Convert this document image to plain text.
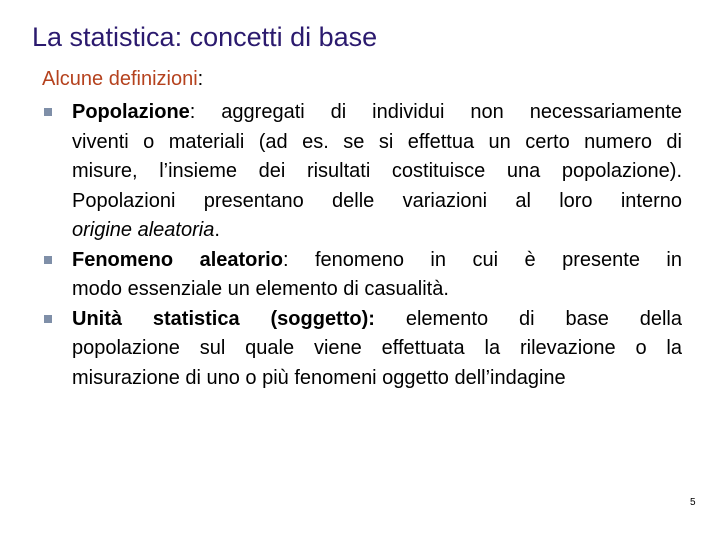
La statistica: concetti di base
Alcune definizioni:
Popolazione: aggregati di individui non necessariamente
viventi o materiali (ad es. se si effettua un certo numero di
misure, l’insieme dei risultati costituisce una popolazione).
Popolazioni presentano delle variazioni al loro interno
origine aleatoria.
Fenomeno aleatorio: fenomeno in cui è presente in
modo essenziale un elemento di casualità.
Unità statistica (soggetto): elemento di base della
popolazione sul quale viene effettuata la rilevazione o la
misurazione di uno o più fenomeni oggetto dell’indagine
5
